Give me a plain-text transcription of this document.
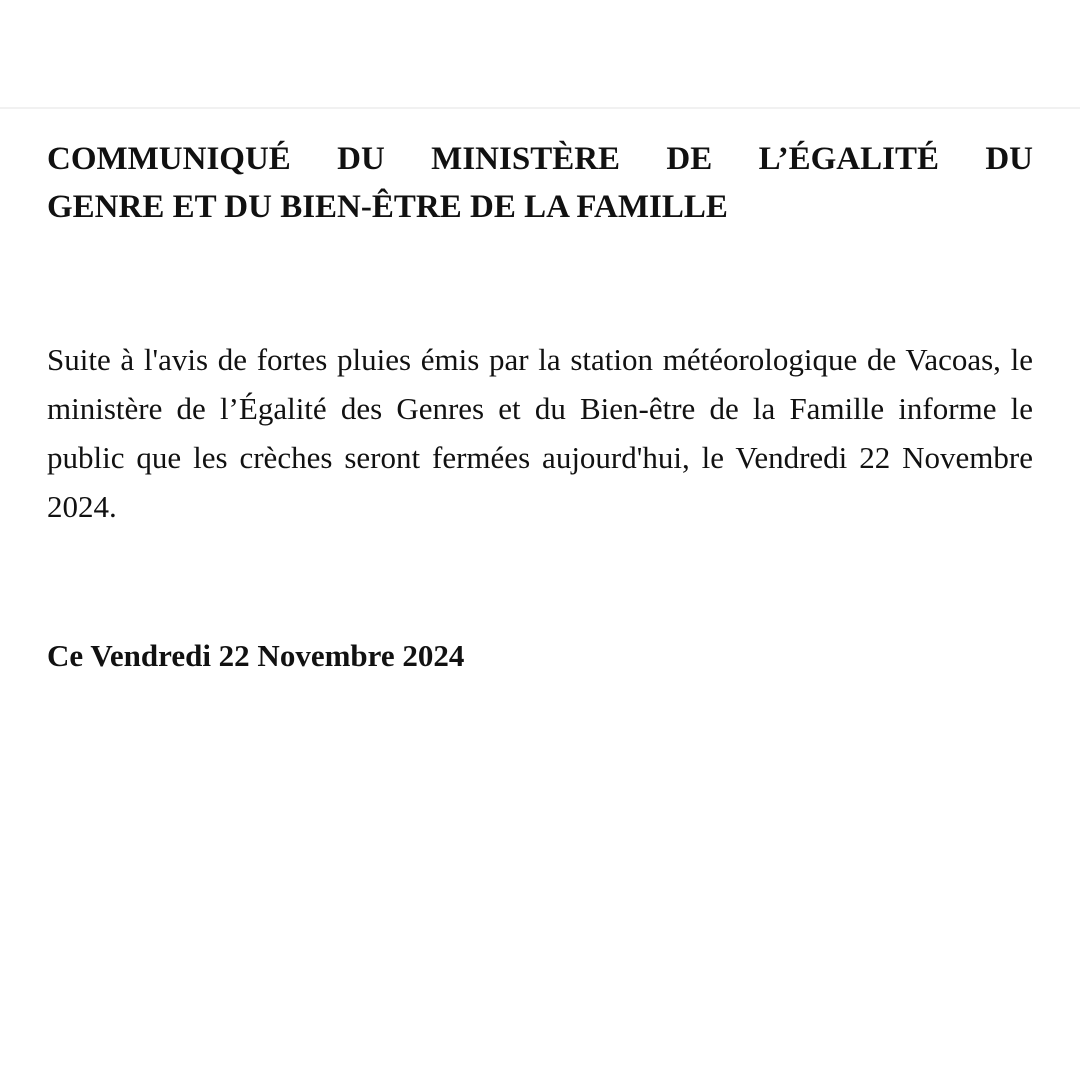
COMMUNIQUÉ DU MINISTÈRE DE L’ÉGALITÉ DU
GENRE ET DU BIEN-ÊTRE DE LA FAMILLE

Suite à l'avis de fortes pluies émis par la station météorologique de Vacoas, le ministère de l’Égalité des Genres et du Bien-être de la Famille informe le public que les crèches seront fermées aujourd'hui, le Vendredi 22 Novembre 2024.

Ce Vendredi 22 Novembre 2024
